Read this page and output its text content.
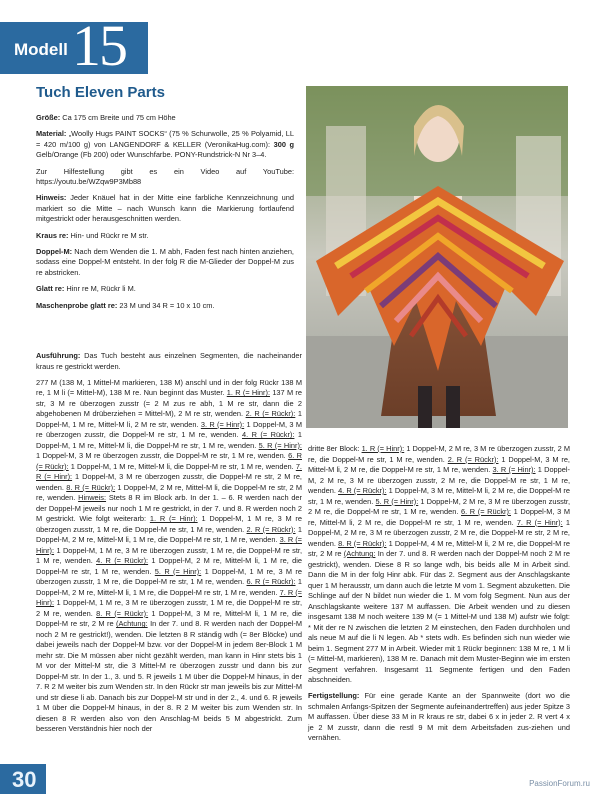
Modell 15
Tuch Eleven Parts

Größe: Ca 175 cm Breite und 75 cm Höhe

Material: „Woolly Hugs PAINT SOCKS“ (75 % Schurwolle, 25 % Polyamid, LL = 420 m/100 g) von LANGENDORF & KELLER (VeronikaHug.com): 300 g Gelb/Orange (Fb 200) oder Wunschfarbe. PONY-Rundstrick-N Nr 3–4.

Zur Hilfestellung gibt es ein Video auf YouTube: https://youtu.be/WZqw9P3Mb88

Hinweis: Jeder Knäuel hat in der Mitte eine farbliche Kennzeichnung und markiert so die Mitte – nach Wunsch kann die Markierung fortlaufend mitgestrickt oder herausgeschnitten werden.

Kraus re: Hin- und Rückr re M str.

Doppel-M: Nach dem Wenden die 1. M abh, Faden fest nach hinten anziehen, sodass eine Doppel-M entsteht. In der folg R die M-Glieder der Doppel-M zus re abstricken.

Glatt re: Hinr re M, Rückr li M.

Maschenprobe glatt re: 23 M und 34 R = 10 x 10 cm.

Ausführung: Das Tuch besteht aus einzelnen Segmenten, die nacheinander kraus re gestrickt werden.

277 M (138 M, 1 Mittel-M markieren, 138 M) anschl und in der folg Rückr 138 M re, 1 M li (= Mittel-M), 138 M re. Nun beginnt das Muster. 1. R (= Hinr): 137 M re str, 3 M re überzogen zusstr (= 2 M zus re abh, 1 M re str, dann die 2 abgehobenen M drüberziehen = Mittel-M), 2 M re str, wenden. 2. R (= Rückr): 1 Doppel-M, 1 M re, Mittel-M li, 2 M re str, wenden. 3. R (= Hinr): 1 Doppel-M, 3 M re überzogen zusstr, die Doppel-M re str, 1 M re, wenden. 4. R (= Rückr): 1 Doppel-M, 1 M re, Mittel-M li, die Doppel-M re str, 1 M re, wenden. 5. R (= Hinr): 1 Doppel-M, 3 M re überzogen zusstr, die Doppel-M re str, 1 M re, wenden. 6. R (= Rückr): 1 Doppel-M, 1 M re, Mittel-M li, die Doppel-M re str, 1 M re, wenden. 7. R (= Hinr): 1 Doppel-M, 3 M re überzogen zusstr, die Doppel-M re str, 2 M re, wenden. 8. R (= Rückr): 1 Doppel-M, 2 M re, Mittel-M li, die Doppel-M re str, 2 M re, wenden. Hinweis: Stets 8 R im Block arb. In der 1. – 6. R werden nach der der Doppel-M jeweils nur noch 1 M re gestrickt, in der 7. und 8. R werden noch 2 M gestrickt. Wie folgt weiterarb: 1. R (= Hinr): 1 Doppel-M, 1 M re, 3 M re überzogen zusstr, 1 M re, die Doppel-M re str, 1 M re, wenden. 2. R (= Rückr): 1 Doppel-M, 2 M re, Mittel-M li, 1 M re, die Doppel-M re str, 1 M re, wenden. 3. R (= Hinr): 1 Doppel-M, 1 M re, 3 M re überzogen zusstr, 1 M re, die Doppel-M re str, 1 M re, wenden. 4. R (= Rückr): 1 Doppel-M, 2 M re, Mittel-M li, 1 M re, die Doppel-M re str, 1 M re, wenden. 5. R (= Hinr): 1 Doppel-M, 1 M re, 3 M re überzogen zusstr, 1 M re, die Doppel-M re str, 1 M re, wenden. 6. R (= Rückr): 1 Doppel-M, 2 M re, Mittel-M li, 1 M re, die Doppel-M re str, 1 M re, wenden. 7. R (= Hinr): 1 Doppel-M, 1 M re, 3 M re überzogen zusstr, 1 M re, die Doppel-M re str, 2 M re, wenden. 8. R (= Rückr): 1 Doppel-M, 3 M re, Mittel-M li, 1 M re, die Doppel-M re str, 2 M re (Achtung: In der 7. und 8. R werden nach der Doppel-M noch 2 M re gestrickt!), wenden. Die letzten 8 R ständig wdh (= 8er Blöcke) und dabei jeweils nach der Doppel-M bzw. vor der Doppel-M in jedem 8er-Block 1 M mehr str. Die M müssen aber nicht gezählt werden, man kann in Hinr stets bis 1 M vor der Mittel-M str, die 3 Mittel-M re überzogen zusstr und dann bis zur Doppel-M str. In der 1., 3. und 5. R jeweils 1 M über die Doppel-M hinaus, in der 7. R 2 M weiter bis zum Wenden str. In den Rückr str man jeweils bis zur Mittel-M und str diese li ab. Danach bis zur Doppel-M str und in der 2., 4. und 6. R jeweils 1 M über die Doppel-M hinaus, in der 8. R 2 M weiter bis zum Wenden str. In diesen 8 R werden also von den Anschlag-M beids 5 M abgestrickt. Zum besseren Verständnis hier noch der

dritte 8er Block: 1. R (= Hinr): 1 Doppel-M, 2 M re, 3 M re überzogen zusstr, 2 M re, die Doppel-M re str, 1 M re, wenden. 2. R (= Rückr): 1 Doppel-M, 3 M re, Mittel-M li, 2 M re, die Doppel-M re str, 1 M re, wenden. 3. R (= Hinr): 1 Doppel-M, 2 M re, 3 M re überzogen zusstr, 2 M re, die Doppel-M re str, 1 M re, wenden. 4. R (= Rückr): 1 Doppel-M, 3 M re, Mittel-M li, 2 M re, die Doppel-M re str, 1 M re, wenden. 5. R (= Hinr): 1 Doppel-M, 2 M re, 3 M re überzogen zusstr, 2 M re, die Doppel-M re str, 1 M re, wenden. 6. R (= Rückr): 1 Doppel-M, 3 M re, Mittel-M li, 2 M re, die Doppel-M re str, 1 M re, wenden. 7. R (= Hinr): 1 Doppel-M, 2 M re, 3 M re überzogen zusstr, 2 M re, die Doppel-M re str, 2 M re, wenden. 8. R (= Rückr): 1 Doppel-M, 4 M re, Mittel-M li, 2 M re, die Doppel-M re str, 2 M re (Achtung: In der 7. und 8. R werden nach der Doppel-M noch 2 M re gestrickt), wenden. Diese 8 R so lange wdh, bis beids alle M in Arbeit sind. Dann die M in der folg Hinr abk. Für das 2. Segment aus der Anschlagskante quer 1 M herausstr, um dann auch die letzte M vom 1. Segment abzuketten. Die Schlinge auf der N bildet nun wieder die 1. M vom folg Segment. Nun aus der Anschlagskante weitere 137 M auffassen. Die Arbeit wenden und zu diesen insgesamt 138 M noch weitere 139 M (= 1 Mittel-M und 138 M) aufstr wie folgt: * Mit der re N zwischen die letzten 2 M einstechen, den Faden durchholen und als neue M auf die li N legen. Ab * stets wdh. Es befinden sich nun wieder wie beim 1. Segment 277 M in Arbeit. Wieder mit 1 Rückr beginnen: 138 M re, 1 M li (= Mittel-M, markieren), 138 M re. Danach mit dem Muster-Beginn wie im ersten Segment verfahren. Insgesamt 11 Segmente fertigen und den Faden abschneiden.

Fertigstellung: Für eine gerade Kante an der Spannweite (dort wo die schmalen Anfangs-Spitzen der Segmente aufeinandertreffen) aus jeder Spitze 3 M auffassen. Über diese 33 M in R kraus re str, dabei 6 x in jeder 2. R vert 4 x je 2 M zusstr, dann die restl 9 M mit dem Arbeitsfaden zus-ziehen und vernähen.

30	PassionForum.ru
